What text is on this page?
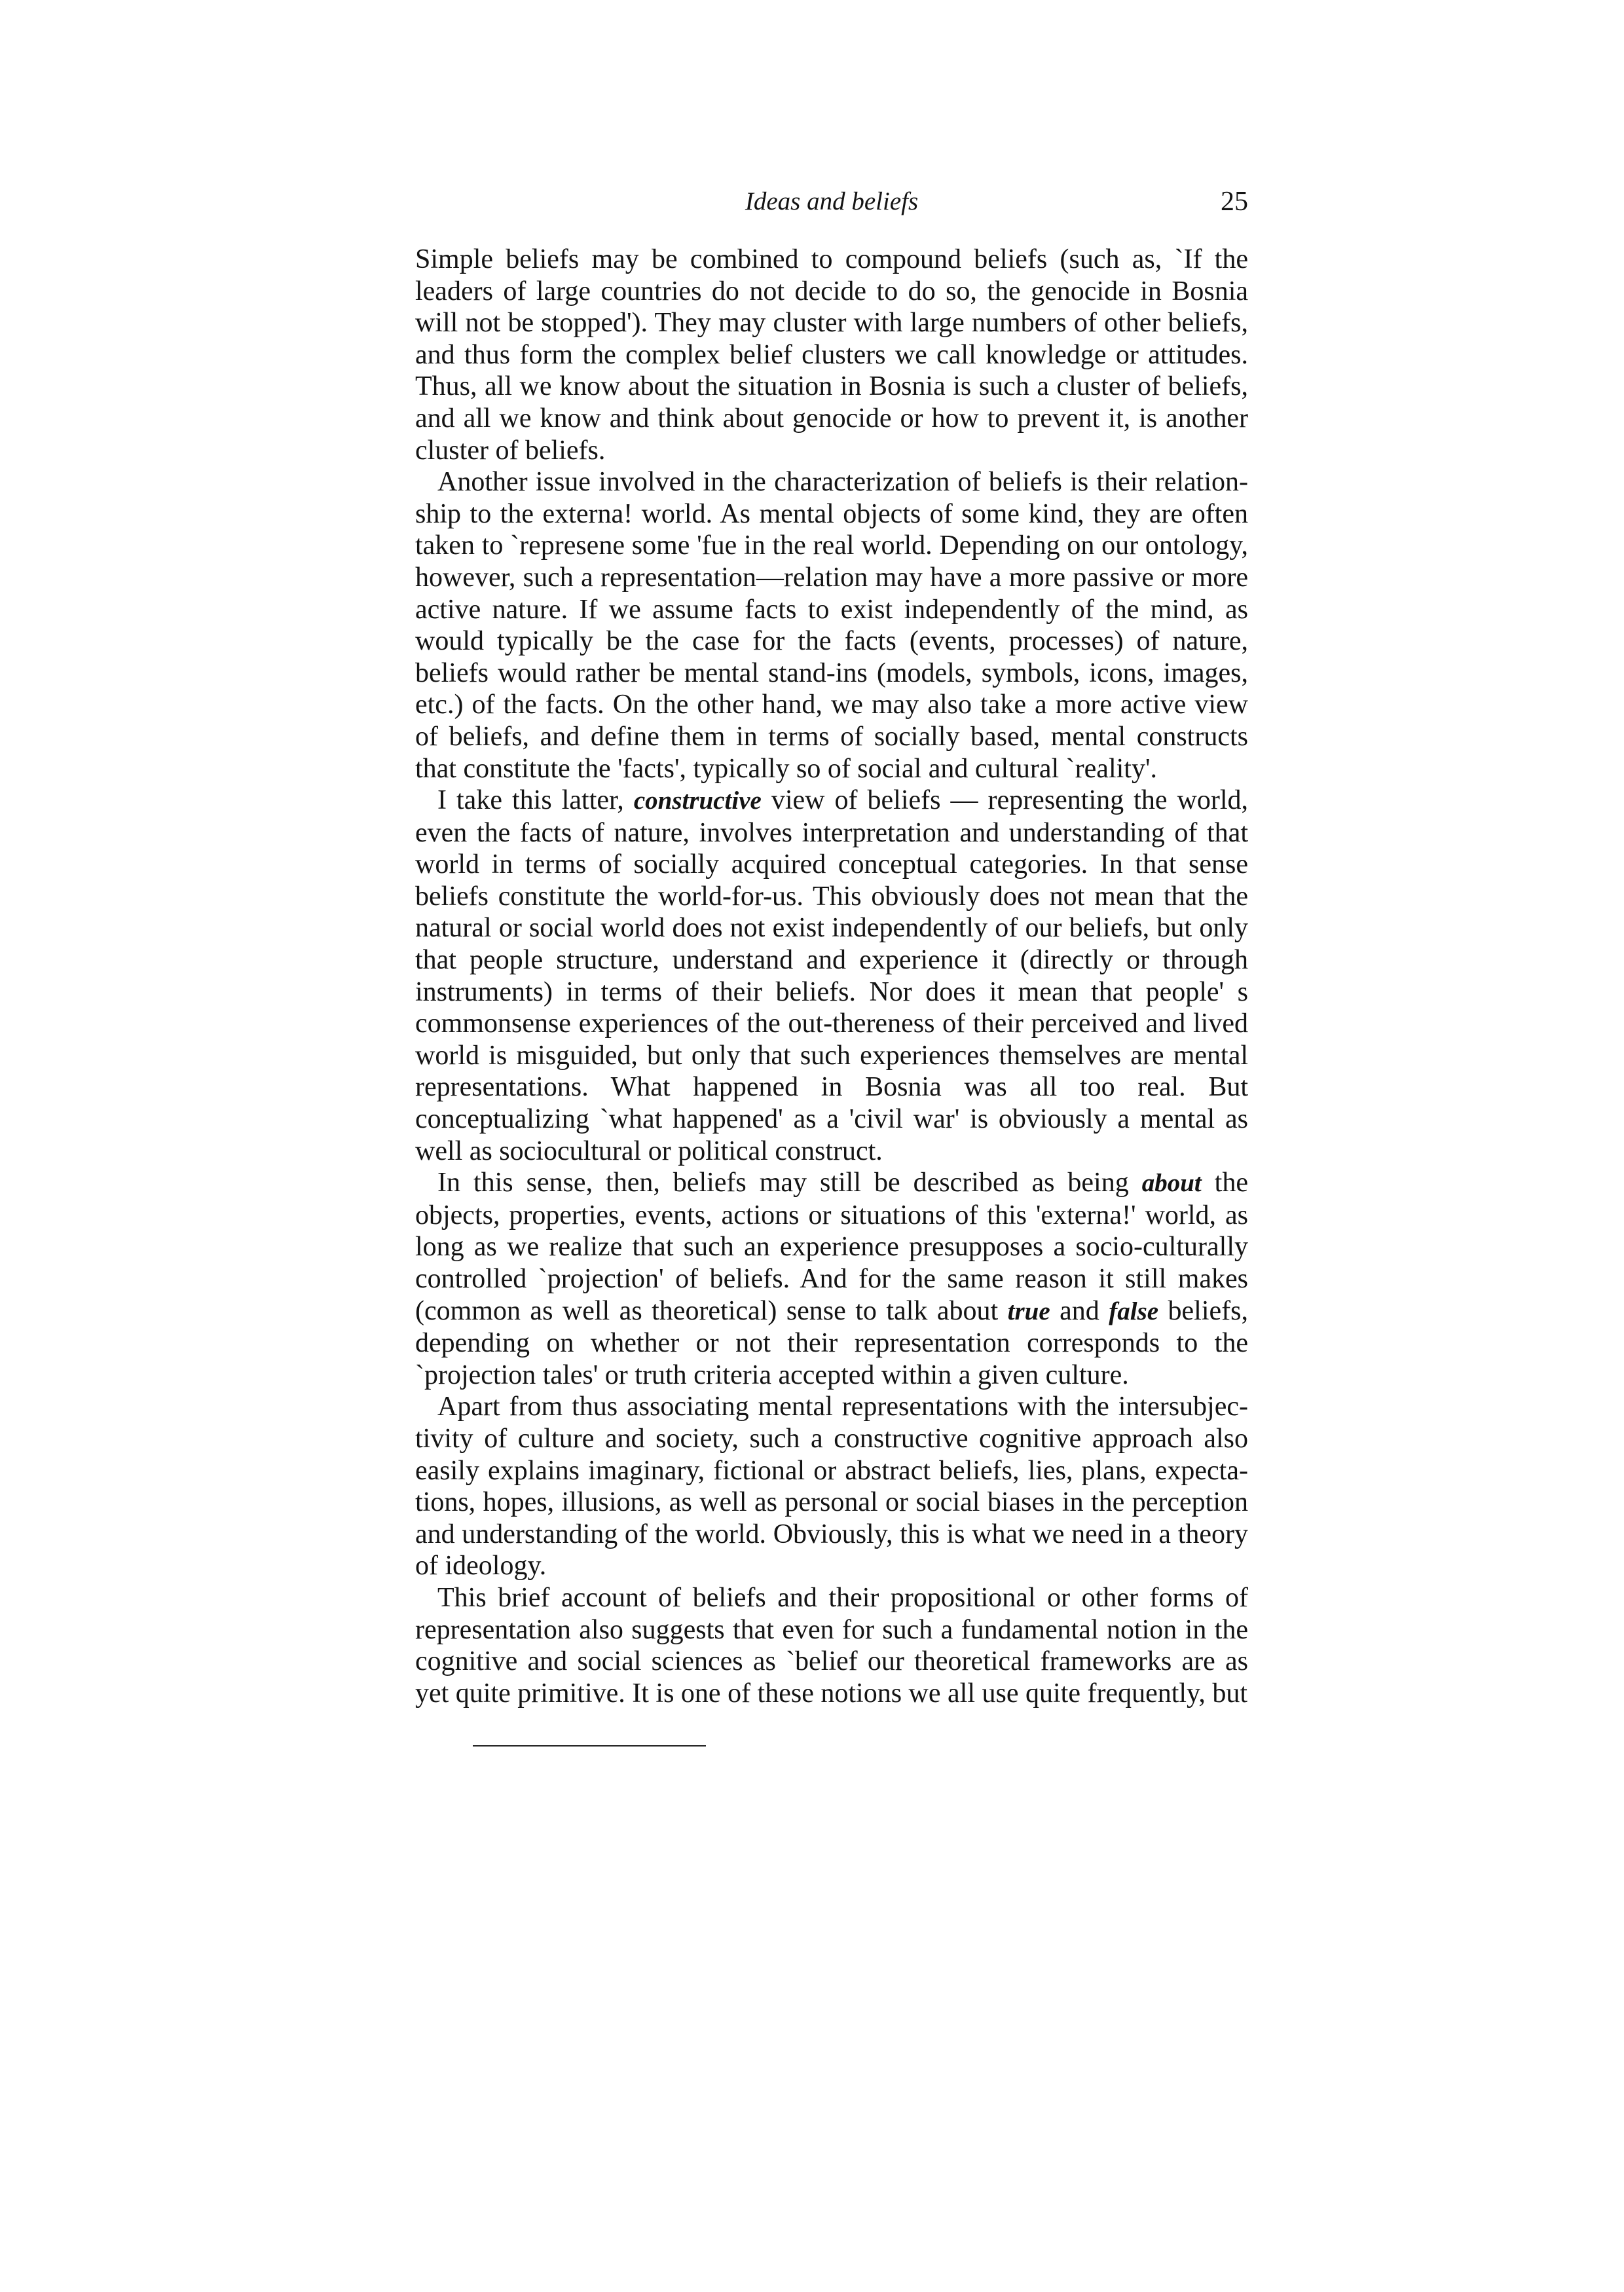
Ideas and beliefs	25

Simple beliefs may be combined to compound beliefs (such as, `If the leaders of large countries do not decide to do so, the genocide in Bosnia will not be stopped'). They may cluster with large numbers of other beliefs, and thus form the complex belief clusters we call knowledge or attitudes. Thus, all we know about the situation in Bosnia is such a cluster of beliefs, and all we know and think about genocide or how to prevent it, is another cluster of beliefs.

Another issue involved in the characterization of beliefs is their relationship to the externa! world. As mental objects of some kind, they are often taken to `represene some 'fue in the real world. Depending on our ontology, however, such a representation—relation may have a more passive or more active nature. If we assume facts to exist independently of the mind, as would typically be the case for the facts (events, processes) of nature, beliefs would rather be mental stand-ins (models, symbols, icons, images, etc.) of the facts. On the other hand, we may also take a more active view of beliefs, and define them in terms of socially based, mental constructs that constitute the 'facts', typically so of social and cultural `reality'.

I take this latter, constructive view of beliefs — representing the world, even the facts of nature, involves interpretation and understanding of that world in terms of socially acquired conceptual categories. In that sense beliefs constitute the world-for-us. This obviously does not mean that the natural or social world does not exist independently of our beliefs, but only that people structure, understand and experience it (directly or through instruments) in terms of their beliefs. Nor does it mean that people' s commonsense experiences of the out-thereness of their perceived and lived world is misguided, but only that such experiences themselves are mental representations. What happened in Bosnia was all too real. But conceptualizing `what happened' as a 'civil war' is obviously a mental as well as sociocultural or political construct.

In this sense, then, beliefs may still be described as being about the objects, properties, events, actions or situations of this 'externa!' world, as long as we realize that such an experience presupposes a socio-culturally controlled `projection' of beliefs. And for the same reason it still makes (common as well as theoretical) sense to talk about true and false beliefs, depending on whether or not their representation corresponds to the `projection tales' or truth criteria accepted within a given culture.

Apart from thus associating mental representations with the intersubjectivity of culture and society, such a constructive cognitive approach also easily explains imaginary, fictional or abstract beliefs, lies, plans, expectations, hopes, illusions, as well as personal or social biases in the perception and understanding of the world. Obviously, this is what we need in a theory of ideology.

This brief account of beliefs and their propositional or other forms of representation also suggests that even for such a fundamental notion in the cognitive and social sciences as `belief our theoretical frameworks are as yet quite primitive. It is one of these notions we all use quite frequently, but
